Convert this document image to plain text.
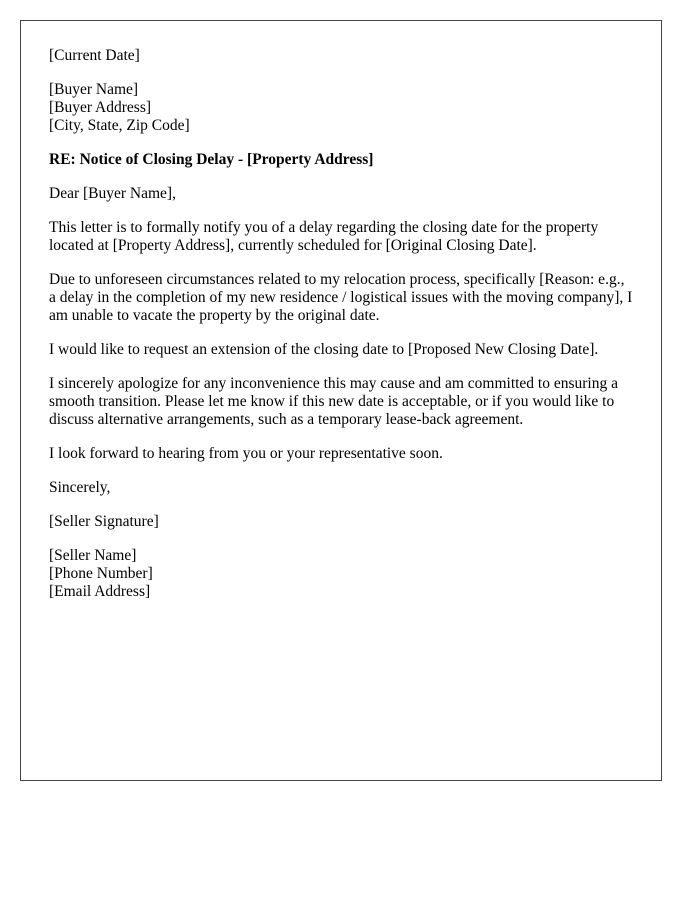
[Current Date]
[Buyer Name]
[Buyer Address]
[City, State, Zip Code]
RE: Notice of Closing Delay - [Property Address]
Dear [Buyer Name],

This letter is to formally notify you of a delay regarding the closing date for the property located at [Property Address], currently scheduled for [Original Closing Date].

Due to unforeseen circumstances related to my relocation process, specifically [Reason: e.g., a delay in the completion of my new residence / logistical issues with the moving company], I am unable to vacate the property by the original date.

I would like to request an extension of the closing date to [Proposed New Closing Date].

I sincerely apologize for any inconvenience this may cause and am committed to ensuring a smooth transition. Please let me know if this new date is acceptable, or if you would like to discuss alternative arrangements, such as a temporary lease-back agreement.

I look forward to hearing from you or your representative soon.

Sincerely,
[Seller Signature]
[Seller Name]
[Phone Number]
[Email Address]
